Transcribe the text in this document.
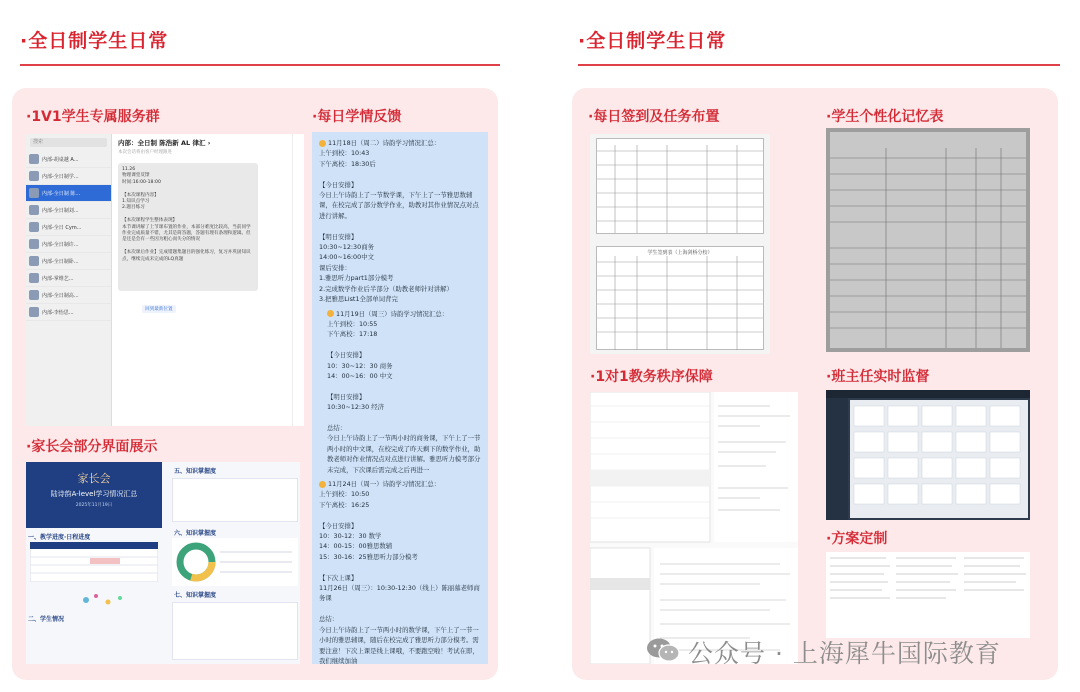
·全日制学生日常	·全日制学生日常
·1V1学生专属服务群	·每日学情反馈
搜索
内部-胡桌越 A...
内部-全日制学...
内部-全日制 陈...
内部-全日制刘...
内部-全日 Cym...
内部-全日制许...
内部-全日制卧...
内部-掌维艺...
内部-全日制高...
内部-李怡思...
内部：全日制 陈浩新 AL 律汇 ›
本次会话将由客户经理跟进
11.26
物理课堂反馈
时间:16:00-18:00

【本次课程内容】
1.知识点学习
2.题目练习

【本次课程学生整体表现】
本节课讲解了上节课布置的作业，本部分难度比较高，当前同学作业完成质量不错，尤其是简答题，答题有理有条理和逻辑。但是还是会有一些因为粗心而失分的情况

【本次课后作业】完成错题集题目的强化练习，复习并巩固知识点，继续完成未完成的LQ真题
回到最新位置
11月18日（周二）诗韵学习情况汇总：
上午到校：10:43
下午离校：18:30后

【今日安排】
今日上午诗韵上了一节数学课，下午上了一节雅思数辅课，在校完成了部分数学作业，助教对其作业情况点对点进行讲解。

【明日安排】
10:30~12:30商务
14:00~16:00中文
课后安排：
1.雅思听力part1部分模考
2.完成数学作业后半部分（助教老师针对讲解）
3.把雅思List1全部单词背完
11月19日（周三）诗韵学习情况汇总：
上午到校：10:55
下午离校：17:18

【今日安排】
10：30~12：30 商务
14：00~16：00 中文

【明日安排】
10:30~12:30 经济

总结：
今日上午诗韵上了一节两小时的商务课，下午上了一节两小时的中文课，在校完成了昨天剩下的数学作业，助教老师对作业情况点对点进行讲解。雅思听力模考部分未完成，下次课后需完成之后再进一
11月24日（周一）诗韵学习情况汇总：
上午到校：10:50
下午离校：16:25

【今日安排】
10：30-12：30 数学
14：00-15：00雅思数辅
15：30-16：25雅思听力部分模考

【下次上课】
11月26日（周三）：10:30-12:30（线上）陈丽慕老师商务课

总结：
今日上午诗韵上了一节两小时的数学课，下午上了一节一小时的雅思辅课，随后在校完成了雅思听力部分模考。需要注意！下次上课是线上课哦，不要跑空啦！考试在即，我们继续加油
·家长会部分界面展示
家长会
陆诗韵A-level学习情况汇总
2025年11月19日
一、教学进度·日程进度
二、学生情况
五、知识掌握度
六、知识掌握度
七、知识掌握度
·每日签到及任务布置	·学生个性化记忆表
学生签到表（上海剑桥分校）
·1对1教务秩序保障	·班主任实时监督
·方案定制
公众号 · 上海犀牛国际教育
